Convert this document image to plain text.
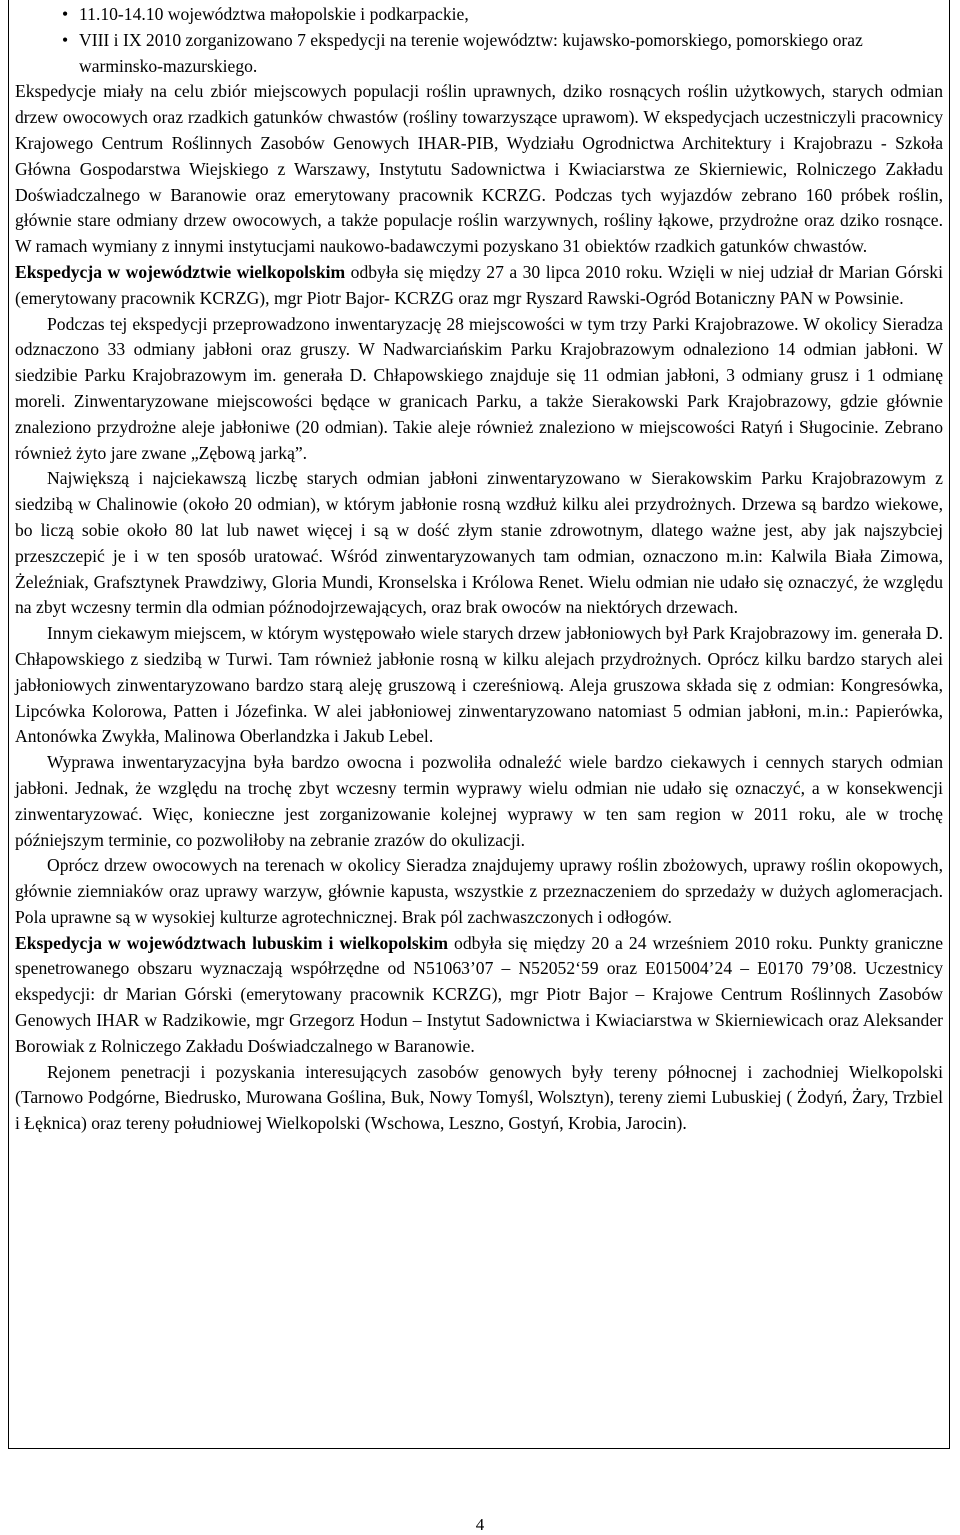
• 11.10-14.10 województwa małopolskie i podkarpackie,
• VIII i IX 2010 zorganizowano 7 ekspedycji na terenie województw: kujawsko-pomorskiego, pomorskiego oraz warminsko-mazurskiego.

Ekspedycje miały na celu zbiór miejscowych populacji roślin uprawnych, dziko rosnących roślin użytkowych, starych odmian drzew owocowych oraz rzadkich gatunków chwastów (rośliny towarzyszące uprawom). W ekspedycjach uczestniczyli pracownicy Krajowego Centrum Roślinnych Zasobów Genowych IHAR-PIB, Wydziału Ogrodnictwa Architektury i Krajobrazu - Szkoła Główna Gospodarstwa Wiejskiego z Warszawy, Instytutu Sadownictwa i Kwiaciarstwa ze Skierniewic, Rolniczego Zakładu Doświadczalnego w Baranowie oraz emerytowany pracownik KCRZG. Podczas tych wyjazdów zebrano 160 próbek roślin, głównie stare odmiany drzew owocowych, a także populacje roślin warzywnych, rośliny łąkowe, przydrożne oraz dziko rosnące. W ramach wymiany z innymi instytucjami naukowo-badawczymi pozyskano 31 obiektów rzadkich gatunków chwastów.

Ekspedycja w województwie wielkopolskim odbyła się między 27 a 30 lipca 2010 roku. Wzięli w niej udział dr Marian Górski (emerytowany pracownik KCRZG), mgr Piotr Bajor- KCRZG oraz mgr Ryszard Rawski-Ogród Botaniczny PAN w Powsinie.

Podczas tej ekspedycji przeprowadzono inwentaryzację 28 miejscowości w tym trzy Parki Krajobrazowe. W okolicy Sieradza odznaczono 33 odmiany jabłoni oraz gruszy. W Nadwarciańskim Parku Krajobrazowym odnaleziono 14 odmian jabłoni. W siedzibie Parku Krajobrazowym im. generała D. Chłapowskiego znajduje się 11 odmian jabłoni, 3 odmiany grusz i 1 odmianę moreli. Zinwentaryzowane miejscowości będące w granicach Parku, a także Sierakowski Park Krajobrazowy, gdzie głównie znaleziono przydrożne aleje jabłoniwe (20 odmian). Takie aleje również znaleziono w miejscowości Ratyń i Sługocinie. Zebrano również żyto jare zwane „Zębową jarką”.

Największą i najciekawszą liczbę starych odmian jabłoni zinwentaryzowano w Sierakowskim Parku Krajobrazowym z siedzibą w Chalinowie (około 20 odmian), w którym jabłonie rosną wzdłuż kilku alei przydrożnych. Drzewa są bardzo wiekowe, bo liczą sobie około 80 lat lub nawet więcej i są w dość złym stanie zdrowotnym, dlatego ważne jest, aby jak najszybciej przeszczepić je i w ten sposób uratować. Wśród zinwentaryzowanych tam odmian, oznaczono m.in: Kalwila Biała Zimowa, Żeleźniak, Grafsztynek Prawdziwy, Gloria Mundi, Kronselska i Królowa Renet. Wielu odmian nie udało się oznaczyć, że względu na zbyt wczesny termin dla odmian późnodojrzewających, oraz brak owoców na niektórych drzewach.

Innym ciekawym miejscem, w którym występowało wiele starych drzew jabłoniowych był Park Krajobrazowy im. generała D. Chłapowskiego z siedzibą w Turwi. Tam również jabłonie rosną w kilku alejach przydrożnych. Oprócz kilku bardzo starych alei jabłoniowych zinwentaryzowano bardzo starą aleję gruszową i czereśniową. Aleja gruszowa składa się z odmian: Kongresówka, Lipcówka Kolorowa, Patten i Józefinka. W alei jabłoniowej zinwentaryzowano natomiast 5 odmian jabłoni, m.in.: Papierówka, Antonówka Zwykła, Malinowa Oberlandzka i Jakub Lebel.

Wyprawa inwentaryzacyjna była bardzo owocna i pozwoliła odnaleźć wiele bardzo ciekawych i cennych starych odmian jabłoni. Jednak, że względu na trochę zbyt wczesny termin wyprawy wielu odmian nie udało się oznaczyć, a w konsekwencji zinwentaryzować. Więc, konieczne jest zorganizowanie kolejnej wyprawy w ten sam region w 2011 roku, ale w trochę późniejszym terminie, co pozwoliłoby na zebranie zrazów do okulizacji.

Oprócz drzew owocowych na terenach w okolicy Sieradza znajdujemy uprawy roślin zbożowych, uprawy roślin okopowych, głównie ziemniaków oraz uprawy warzyw, głównie kapusta, wszystkie z przeznaczeniem do sprzedaży w dużych aglomeracjach. Pola uprawne są w wysokiej kulturze agrotechnicznej. Brak pól zachwaszczonych i odłogów.

Ekspedycja w województwach lubuskim i wielkopolskim odbyła się między 20 a 24 wrześniem 2010 roku. Punkty graniczne spenetrowanego obszaru wyznaczają współrzędne od N51063’07 – N52052‘59 oraz E015004’24 – E0170 79’08. Uczestnicy ekspedycji: dr Marian Górski (emerytowany pracownik KCRZG), mgr Piotr Bajor – Krajowe Centrum Roślinnych Zasobów Genowych IHAR w Radzikowie, mgr Grzegorz Hodun – Instytut Sadownictwa i Kwiaciarstwa w Skierniewicach oraz Aleksander Borowiak z Rolniczego Zakładu Doświadczalnego w Baranowie.

Rejonem penetracji i pozyskania interesujących zasobów genowych były tereny północnej i zachodniej Wielkopolski (Tarnowo Podgórne, Biedrusko, Murowana Goślina, Buk, Nowy Tomyśl, Wolsztyn), tereny ziemi Lubuskiej ( Żodyń, Żary, Trzbiel i Łęknica) oraz tereny południowej Wielkopolski (Wschowa, Leszno, Gostyń, Krobia, Jarocin).

4
